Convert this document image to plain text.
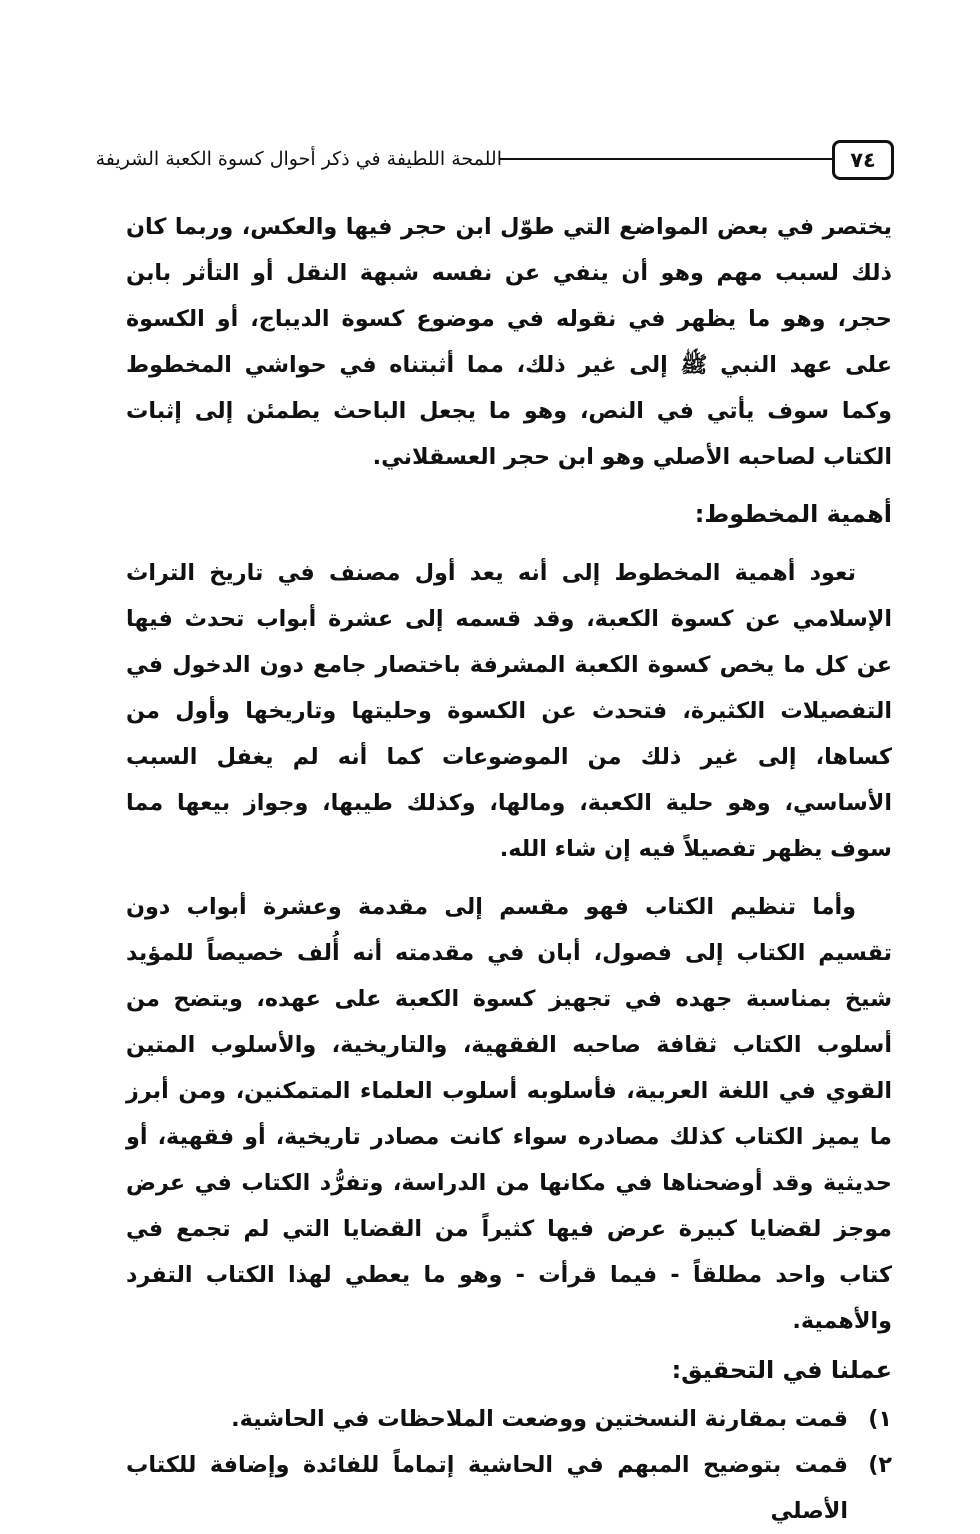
٧٤
اللمحة اللطيفة في ذكر أحوال كسوة الكعبة الشريفة

يختصر في بعض المواضع التي طوّل ابن حجر فيها والعكس، وربما كان ذلك لسبب مهم وهو أن ينفي عن نفسه شبهة النقل أو التأثر بابن حجر، وهو ما يظهر في نقوله في موضوع كسوة الديباج، أو الكسوة على عهد النبي ﷺ إلى غير ذلك، مما أثبتناه في حواشي المخطوط وكما سوف يأتي في النص، وهو ما يجعل الباحث يطمئن إلى إثبات الكتاب لصاحبه الأصلي وهو ابن حجر العسقلاني.

أهمية المخطوط:

تعود أهمية المخطوط إلى أنه يعد أول مصنف في تاريخ التراث الإسلامي عن كسوة الكعبة، وقد قسمه إلى عشرة أبواب تحدث فيها عن كل ما يخص كسوة الكعبة المشرفة باختصار جامع دون الدخول في التفصيلات الكثيرة، فتحدث عن الكسوة وحليتها وتاريخها وأول من كساها، إلى غير ذلك من الموضوعات كما أنه لم يغفل السبب الأساسي، وهو حلية الكعبة، ومالها، وكذلك طيبها، وجواز بيعها مما سوف يظهر تفصيلاً فيه إن شاء الله.

وأما تنظيم الكتاب فهو مقسم إلى مقدمة وعشرة أبواب دون تقسيم الكتاب إلى فصول، أبان في مقدمته أنه أُلف خصيصاً للمؤيد شيخ بمناسبة جهده في تجهيز كسوة الكعبة على عهده، ويتضح من أسلوب الكتاب ثقافة صاحبه الفقهية، والتاريخية، والأسلوب المتين القوي في اللغة العربية، فأسلوبه أسلوب العلماء المتمكنين، ومن أبرز ما يميز الكتاب كذلك مصادره سواء كانت مصادر تاريخية، أو فقهية، أو حديثية وقد أوضحناها في مكانها من الدراسة، وتفرُّد الكتاب في عرض موجز لقضايا كبيرة عرض فيها كثيراً من القضايا التي لم تجمع في كتاب واحد مطلقاً - فيما قرأت - وهو ما يعطي لهذا الكتاب التفرد والأهمية.

عملنا في التحقيق:
١)
قمت بمقارنة النسختين ووضعت الملاحظات في الحاشية.
٢)
قمت بتوضيح المبهم في الحاشية إتماماً للفائدة وإضافة للكتاب الأصلي
